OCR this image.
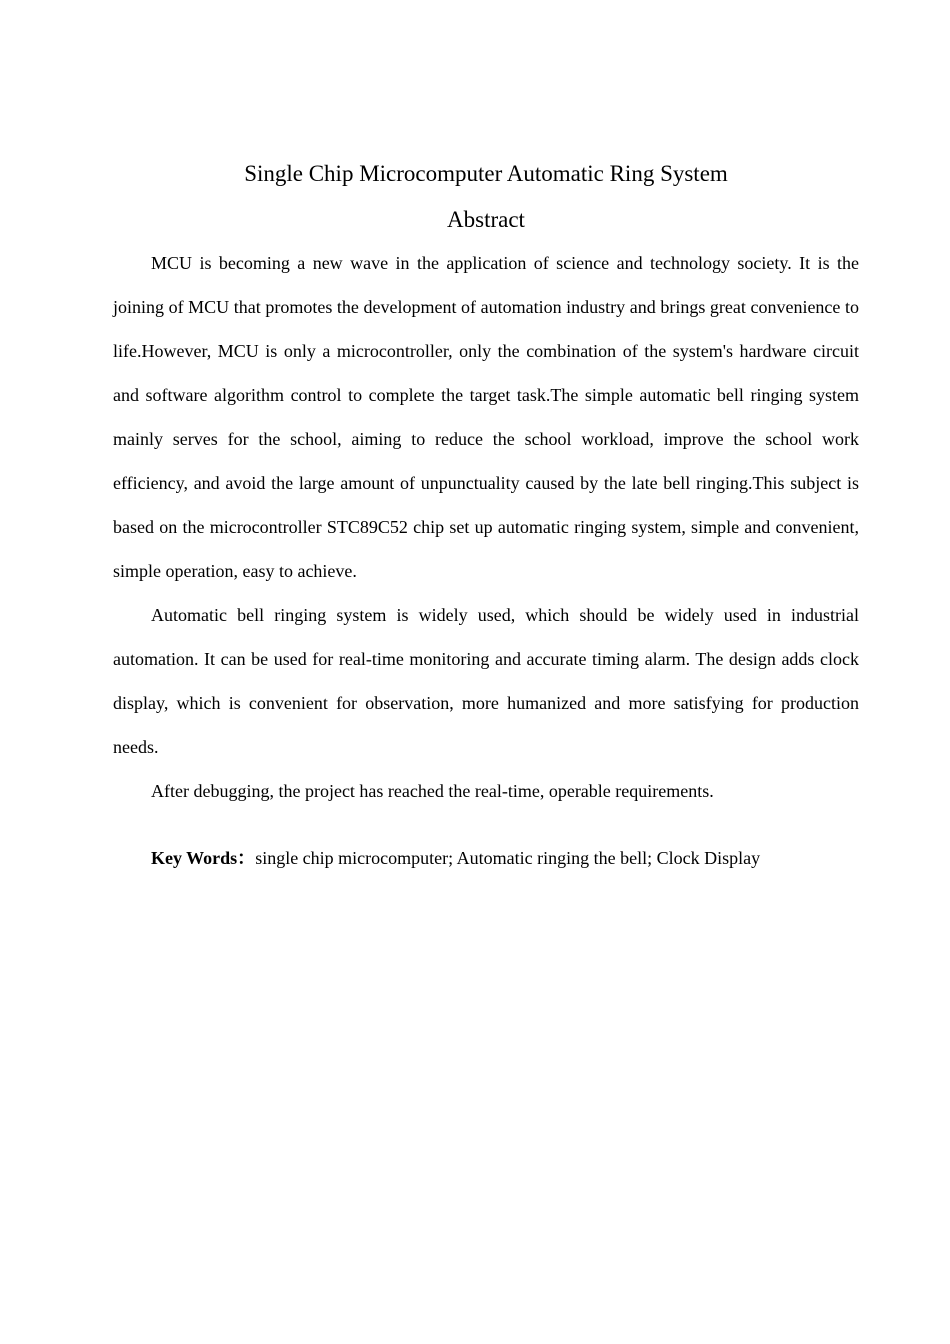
Single Chip Microcomputer Automatic Ring System
Abstract

MCU is becoming a new wave in the application of science and technology society. It is the joining of MCU that promotes the development of automation industry and brings great convenience to life.However, MCU is only a microcontroller, only the combination of the system's hardware circuit and software algorithm control to complete the target task.The simple automatic bell ringing system mainly serves for the school, aiming to reduce the school workload, improve the school work efficiency, and avoid the large amount of unpunctuality caused by the late bell ringing.This subject is based on the microcontroller STC89C52 chip set up automatic ringing system, simple and convenient, simple operation, easy to achieve.

Automatic bell ringing system is widely used, which should be widely used in industrial automation. It can be used for real-time monitoring and accurate timing alarm. The design adds clock display, which is convenient for observation, more humanized and more satisfying for production needs.

After debugging, the project has reached the real-time, operable requirements.

Key Words：single chip microcomputer; Automatic ringing the bell; Clock Display
